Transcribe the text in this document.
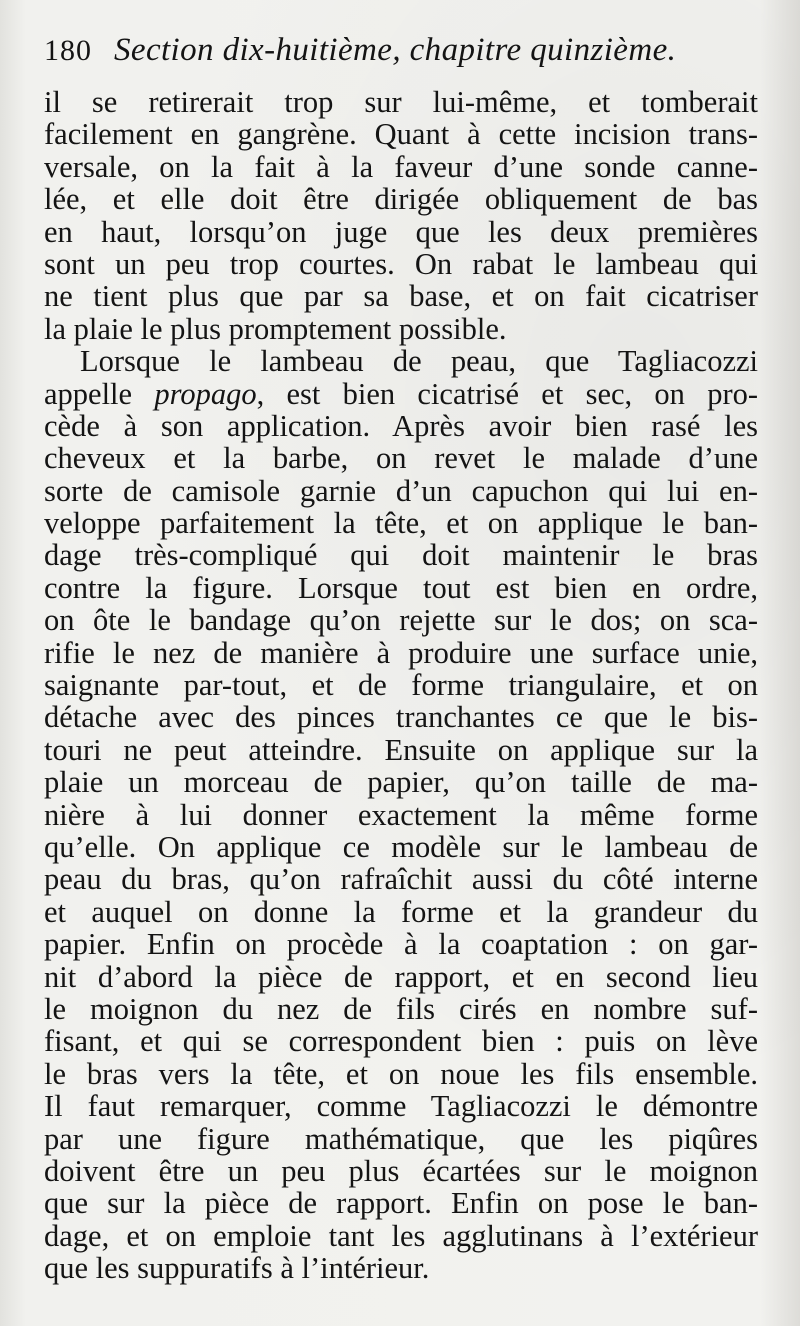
180 Section dix-huitième, chapitre quinzième.
il se retirerait trop sur lui-même, et tomberait
facilement en gangrène. Quant à cette incision trans-
versale, on la fait à la faveur d’une sonde canne-
lée, et elle doit être dirigée obliquement de bas
en haut, lorsqu’on juge que les deux premières
sont un peu trop courtes. On rabat le lambeau qui
ne tient plus que par sa base, et on fait cicatriser
la plaie le plus promptement possible.
Lorsque le lambeau de peau, que Tagliacozzi
appelle propago, est bien cicatrisé et sec, on pro-
cède à son application. Après avoir bien rasé les
cheveux et la barbe, on revet le malade d’une
sorte de camisole garnie d’un capuchon qui lui en-
veloppe parfaitement la tête, et on applique le ban-
dage très-compliqué qui doit maintenir le bras
contre la figure. Lorsque tout est bien en ordre,
on ôte le bandage qu’on rejette sur le dos; on sca-
rifie le nez de manière à produire une surface unie,
saignante par-tout, et de forme triangulaire, et on
détache avec des pinces tranchantes ce que le bis-
touri ne peut atteindre. Ensuite on applique sur la
plaie un morceau de papier, qu’on taille de ma-
nière à lui donner exactement la même forme
qu’elle. On applique ce modèle sur le lambeau de
peau du bras, qu’on rafraîchit aussi du côté interne
et auquel on donne la forme et la grandeur du
papier. Enfin on procède à la coaptation : on gar-
nit d’abord la pièce de rapport, et en second lieu
le moignon du nez de fils cirés en nombre suf-
fisant, et qui se correspondent bien : puis on lève
le bras vers la tête, et on noue les fils ensemble.
Il faut remarquer, comme Tagliacozzi le démontre
par une figure mathématique, que les piqûres
doivent être un peu plus écartées sur le moignon
que sur la pièce de rapport. Enfin on pose le ban-
dage, et on emploie tant les agglutinans à l’extérieur
que les suppuratifs à l’intérieur.
